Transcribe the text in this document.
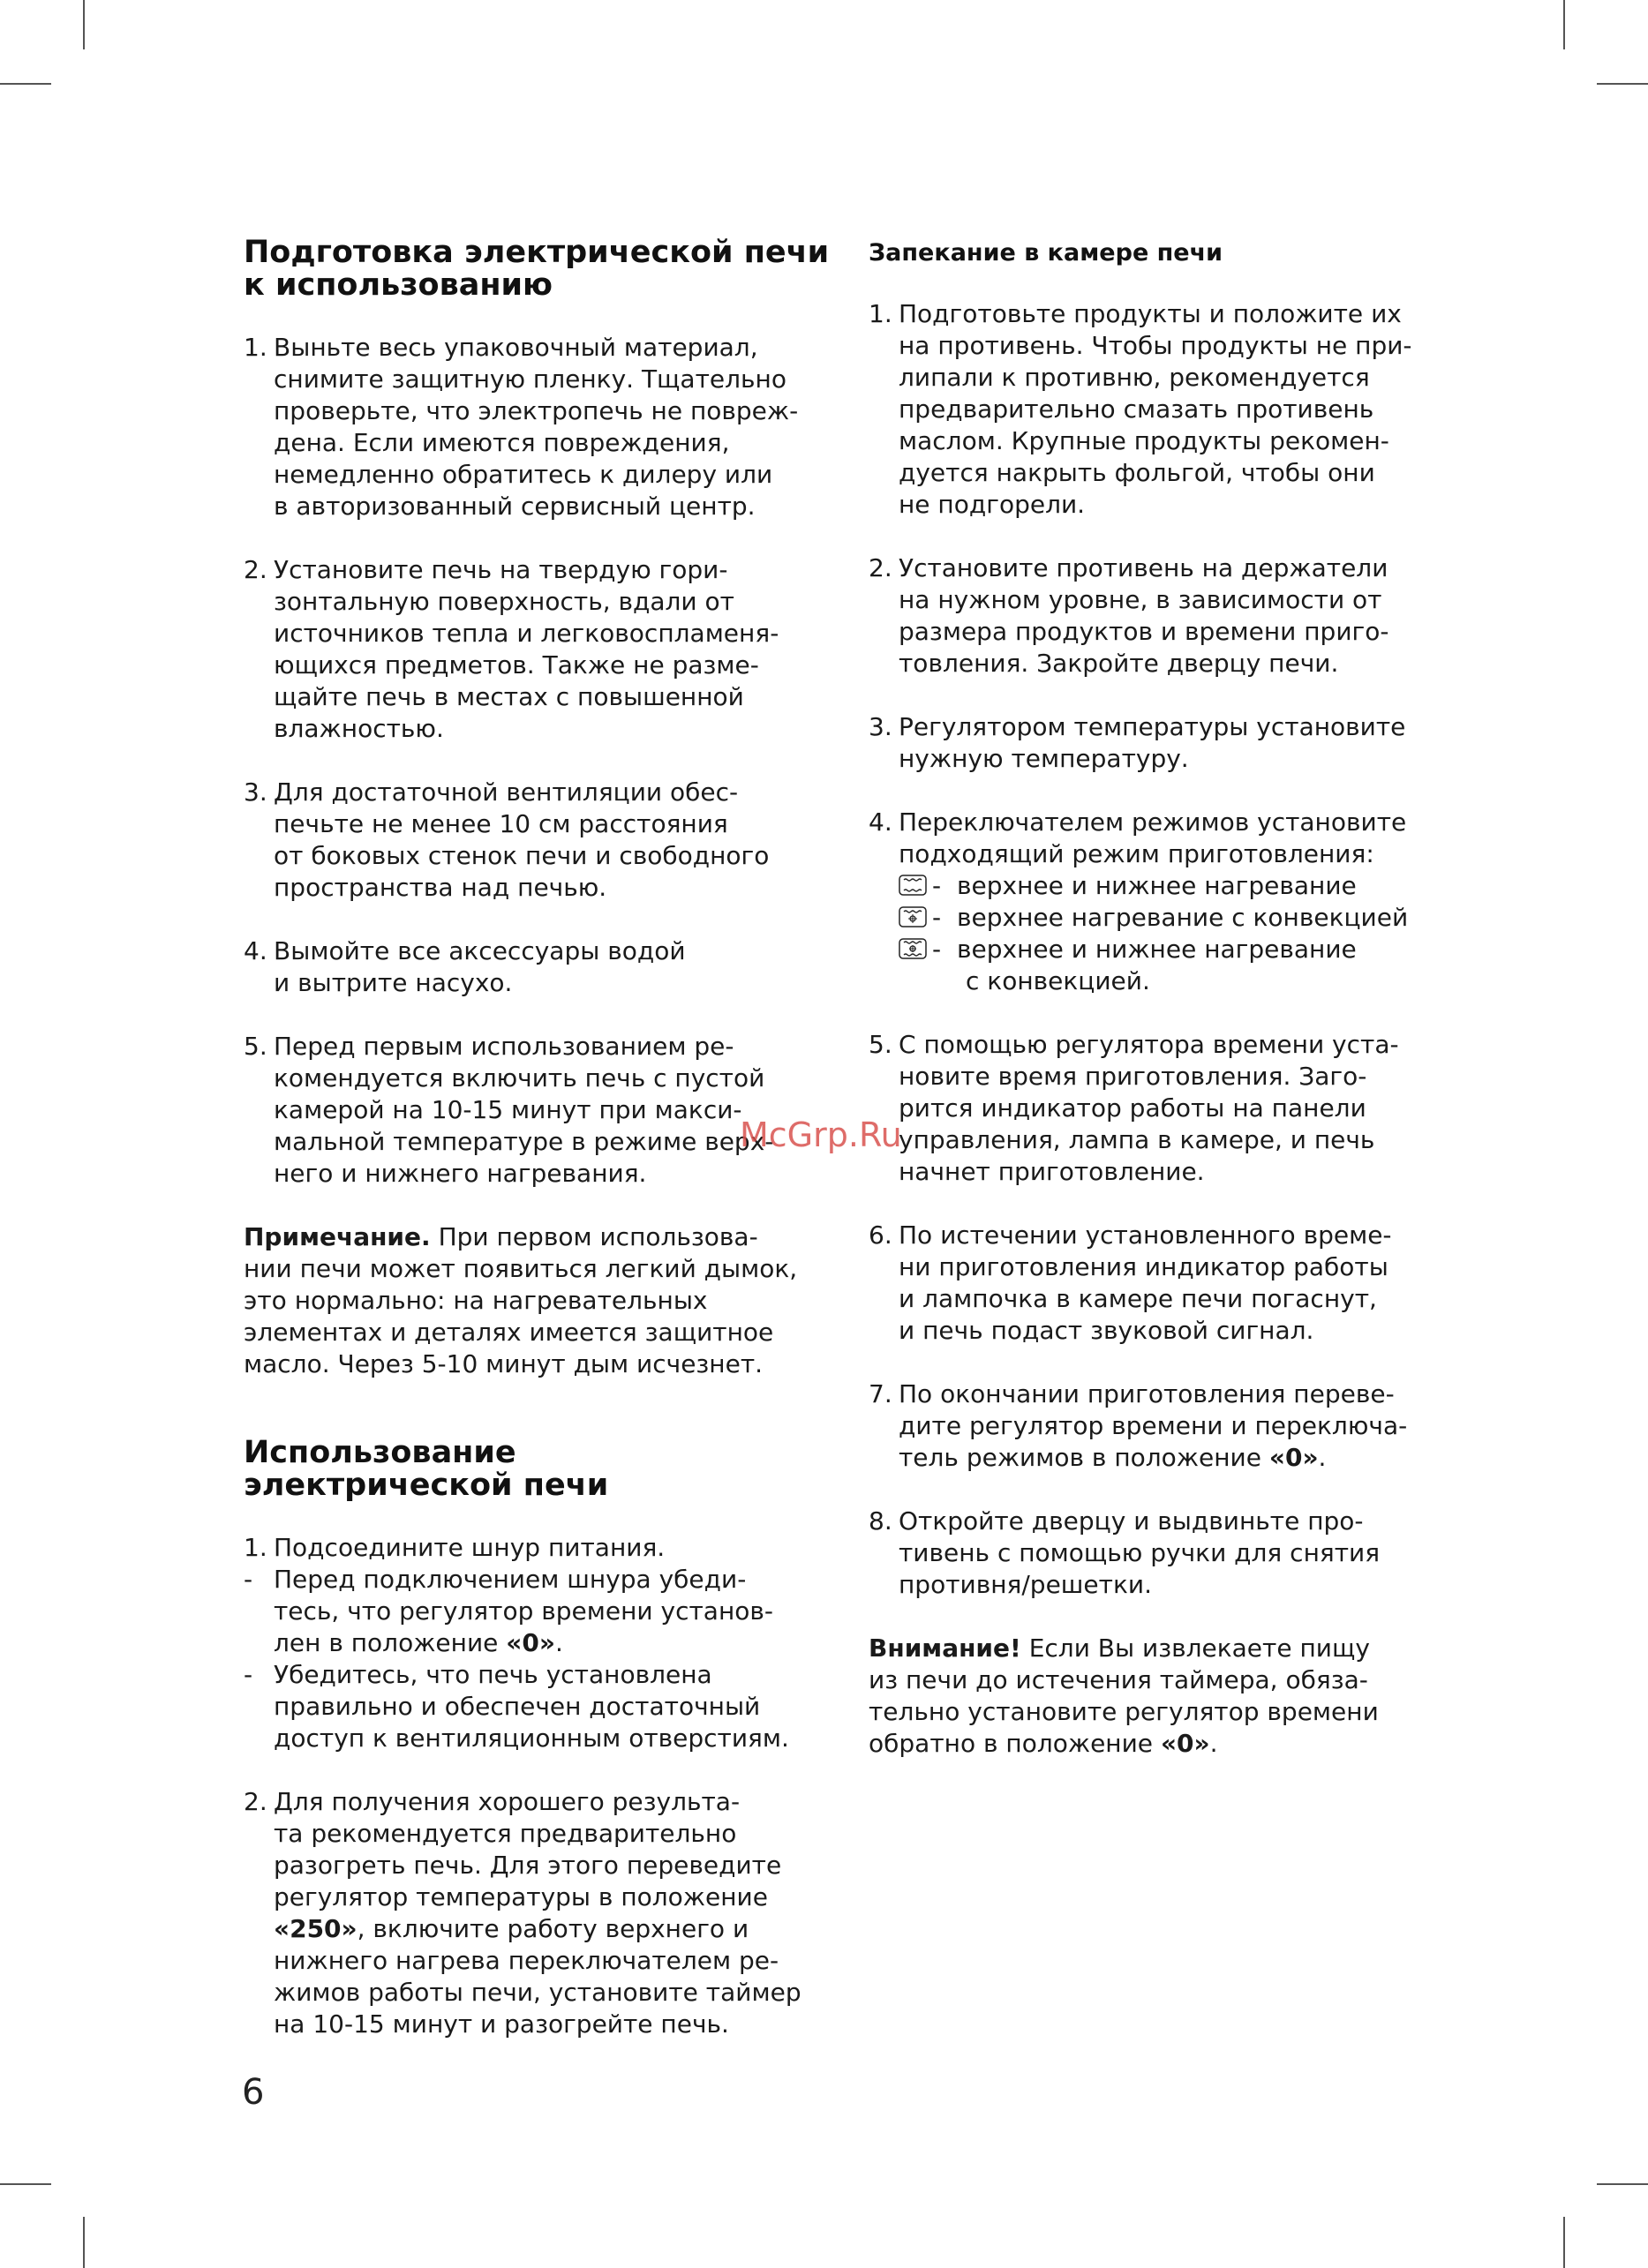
Подготовка электрической печи
к использованию
1. Выньте весь упаковочный материал,
снимите защитную пленку. Тщательно
проверьте, что электропечь не повреж-
дена. Если имеются повреждения,
немедленно обратитесь к дилеру или
в авторизованный сервисный центр.
2. Установите печь на твердую гори-
зонтальную поверхность, вдали от
источников тепла и легковоспламеня-
ющихся предметов. Также не разме-
щайте печь в местах с повышенной
влажностью.
3. Для достаточной вентиляции обес-
печьте не менее 10 см расстояния
от боковых стенок печи и свободного
пространства над печью.
4. Вымойте все аксессуары водой
и вытрите насухо.
5. Перед первым использованием ре-
комендуется включить печь с пустой
камерой на 10-15 минут при макси-
мальной температуре в режиме верх-
него и нижнего нагревания.
Примечание. При первом использова-
нии печи может появиться легкий дымок,
это нормально: на нагревательных
элементах и деталях имеется защитное
масло. Через 5-10 минут дым исчезнет.
Использование
электрической печи
1. Подсоедините шнур питания.
- Перед подключением шнура убеди-
тесь, что регулятор времени установ-
лен в положение «0».
- Убедитесь, что печь установлена
правильно и обеспечен достаточный
доступ к вентиляционным отверстиям.
2. Для получения хорошего результа-
та рекомендуется предварительно
разогреть печь. Для этого переведите
регулятор температуры в положение
«250», включите работу верхнего и
нижнего нагрева переключателем ре-
жимов работы печи, установите таймер
на 10-15 минут и разогрейте печь.
Запекание в камере печи
1. Подготовьте продукты и положите их
на противень. Чтобы продукты не при-
липали к противню, рекомендуется
предварительно смазать противень
маслом. Крупные продукты рекомен-
дуется накрыть фольгой, чтобы они
не подгорели.
2. Установите противень на держатели
на нужном уровне, в зависимости от
размера продуктов и времени приго-
товления. Закройте дверцу печи.
3. Регулятором температуры установите
нужную температуру.
4. Переключателем режимов установите
подходящий режим приготовления:
- верхнее и нижнее нагревание
- верхнее нагревание с конвекцией
- верхнее и нижнее нагревание
с конвекцией.
5. С помощью регулятора времени уста-
новите время приготовления. Заго-
рится индикатор работы на панели
управления, лампа в камере, и печь
начнет приготовление.
6. По истечении установленного време-
ни приготовления индикатор работы
и лампочка в камере печи погаснут,
и печь подаст звуковой сигнал.
7. По окончании приготовления переве-
дите регулятор времени и переключа-
тель режимов в положение «0».
8. Откройте дверцу и выдвиньте про-
тивень с помощью ручки для снятия
противня/решетки.
Внимание! Если Вы извлекаете пищу
из печи до истечения таймера, обяза-
тельно установите регулятор времени
обратно в положение «0».
McGrp.Ru
6
